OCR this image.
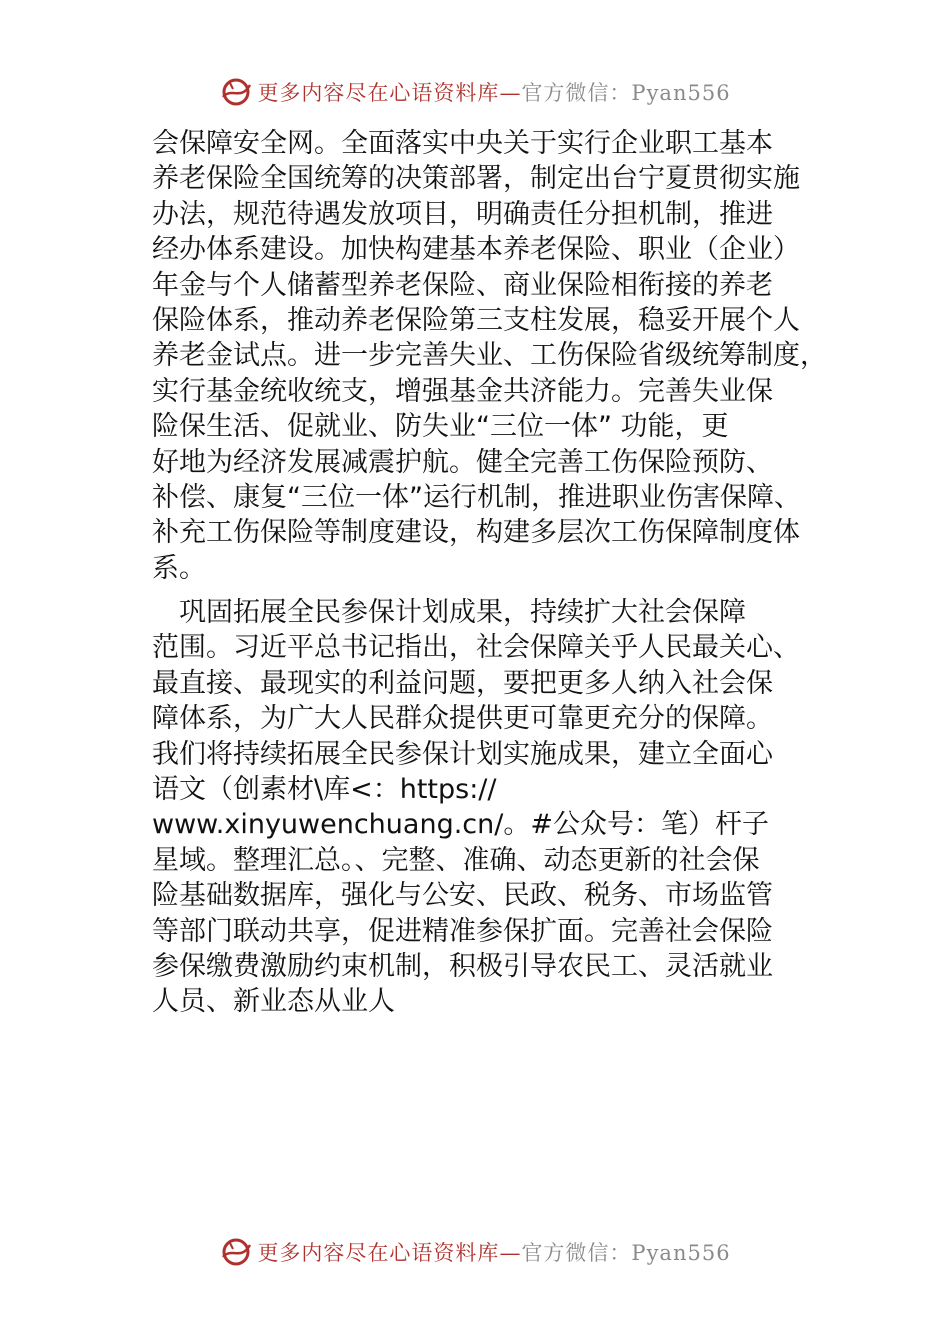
更多内容尽在心语资料库—官方微信：Pyan556
会保障安全网。全面落实中央关于实行企业职工基本
养老保险全国统筹的决策部署，制定出台宁夏贯彻实施
办法，规范待遇发放项目，明确责任分担机制，推进
经办体系建设。加快构建基本养老保险、职业（企业）
年金与个人储蓄型养老保险、商业保险相衔接的养老
保险体系，推动养老保险第三支柱发展，稳妥开展个人
养老金试点。进一步完善失业、工伤保险省级统筹制度，
实行基金统收统支，增强基金共济能力。完善失业保
险保生活、促就业、防失业“三位一体” 功能，更
好地为经济发展减震护航。健全完善工伤保险预防、
补偿、康复“三位一体”运行机制，推进职业伤害保障、
补充工伤保险等制度建设，构建多层次工伤保障制度体
系。
　巩固拓展全民参保计划成果，持续扩大社会保障
范围。习近平总书记指出，社会保障关乎人民最关心、
最直接、最现实的利益问题，要把更多人纳入社会保
障体系，为广大人民群众提供更可靠更充分的保障。
我们将持续拓展全民参保计划实施成果，建立全面心
语文（创素材\库<：https://
www.xinyuwenchuang.cn/。#公众号：笔）杆子
星域。整理汇总。、完整、准确、动态更新的社会保
险基础数据库，强化与公安、民政、税务、市场监管
等部门联动共享，促进精准参保扩面。完善社会保险
参保缴费激励约束机制，积极引导农民工、灵活就业
人员、新业态从业人
更多内容尽在心语资料库—官方微信：Pyan556
